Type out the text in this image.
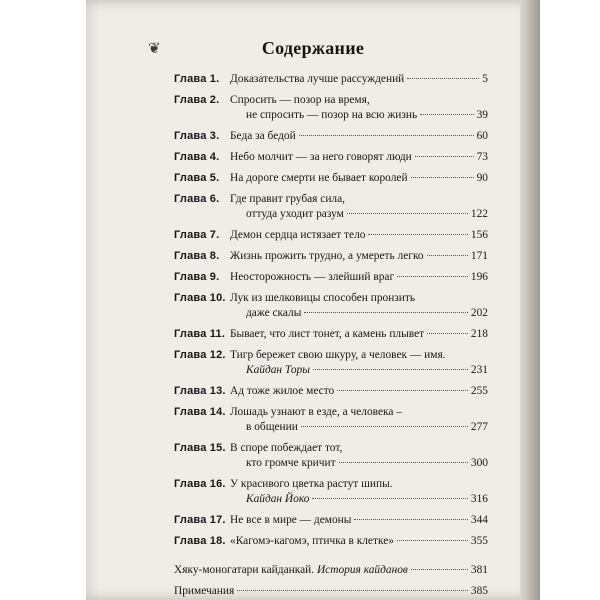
❦	Содержание
Глава 1. Доказательства лучше рассуждений	5
Глава 2. Спросить — позор на время,
не спросить — позор на всю жизнь	39
Глава 3. Беда за бедой	60
Глава 4. Небо молчит — за него говорят люди	73
Глава 5. На дороге смерти не бывает королей	90
Глава 6. Где правит грубая сила,
оттуда уходит разум	122
Глава 7. Демон сердца истязает тело	156
Глава 8. Жизнь прожить трудно, а умереть легко	171
Глава 9. Неосторожность — злейший враг	196
Глава 10. Лук из шелковицы способен пронзить
даже скалы	202
Глава 11. Бывает, что лист тонет, а камень плывет	218
Глава 12. Тигр бережет свою шкуру, а человек — имя.
Кайдан Торы	231
Глава 13. Ад тоже жилое место	255
Глава 14. Лошадь узнают в езде, а человека –
в общении	277
Глава 15. В споре побеждает тот,
кто громче кричит	300
Глава 16. У красивого цветка растут шипы.
Кайдан Йоко	316
Глава 17. Не все в мире — демоны	344
Глава 18. «Кагомэ-кагомэ, птичка в клетке»	355
Хяку-моногатари кайданкай.
История кайданов	381
Примечания	385
